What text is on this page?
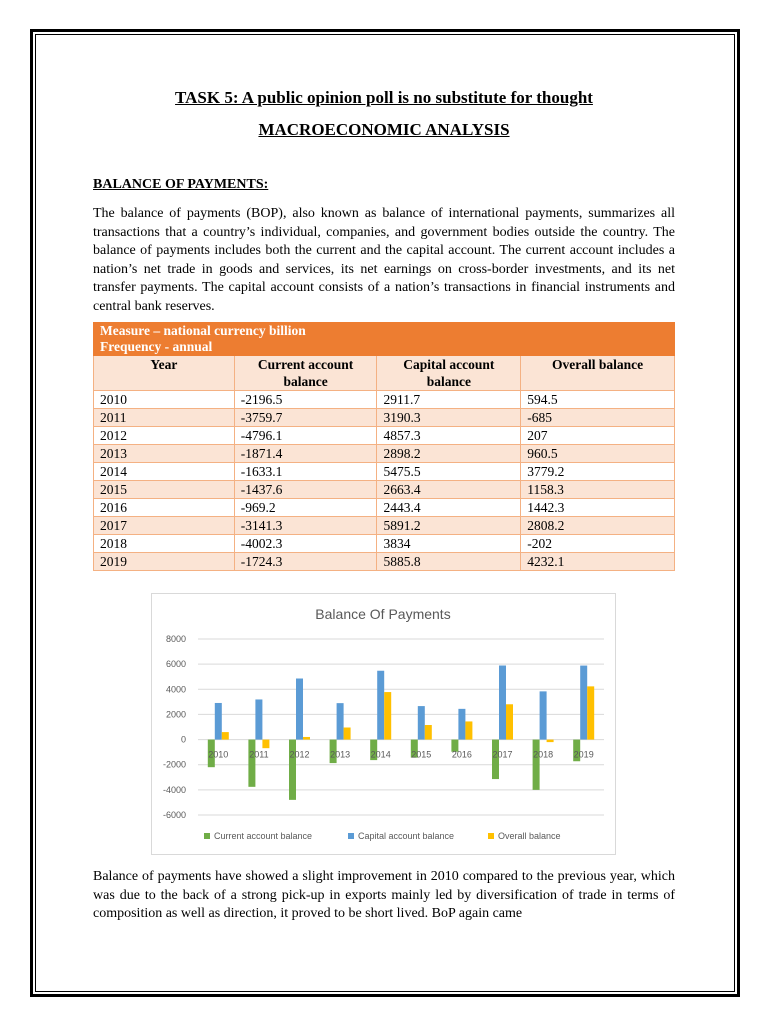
TASK 5: A public opinion poll is no substitute for thought
MACROECONOMIC ANALYSIS
BALANCE OF PAYMENTS:

The balance of payments (BOP), also known as balance of international payments, summarizes all transactions that a country’s individual, companies, and government bodies outside the country. The balance of payments includes both the current and the capital account. The current account includes a nation’s net trade in goods and services, its net earnings on cross-border investments, and its net transfer payments. The capital account consists of a nation’s transactions in financial instruments and central bank reserves.

Measure – national currency billion			
Frequency - annual			
Year	Current account balance	Capital account balance	Overall balance
2010	-2196.5	2911.7	594.5
2011	-3759.7	3190.3	-685
2012	-4796.1	4857.3	207
2013	-1871.4	2898.2	960.5
2014	-1633.1	5475.5	3779.2
2015	-1437.6	2663.4	1158.3
2016	-969.2	2443.4	1442.3
2017	-3141.3	5891.2	2808.2
2018	-4002.3	3834	-202
2019	-1724.3	5885.8	4232.1

Balance of payments have showed a slight improvement in 2010 compared to the previous year, which was due to the back of a strong pick-up in exports mainly led by diversification of trade in terms of composition as well as direction, it proved to be short lived. BoP again came

Balance Of Payments
8000
6000
4000
2000
0
-2000
-4000
-6000
2010 2011 2012 2013 2014 2015 2016 2017 2018 2019
Current account balance	Capital account balance	Overall balance
